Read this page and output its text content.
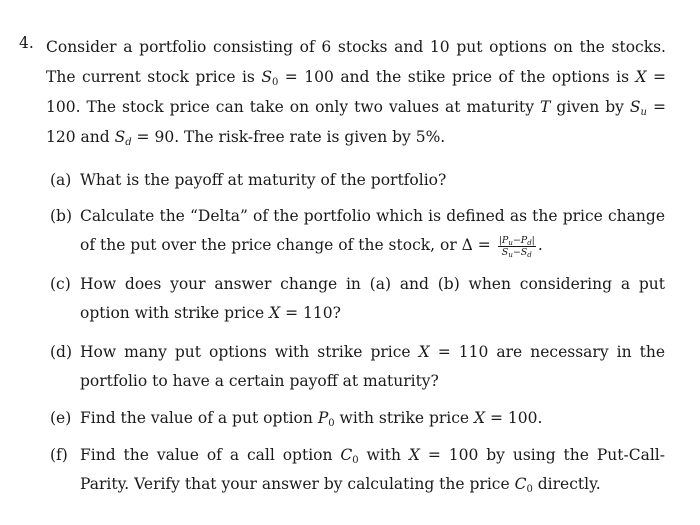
4. Consider a portfolio consisting of 6 stocks and 10 put options on the stocks. The current stock price is $S_0 = 100$ and the stike price of the options is X = 100. The stock price can take on only two values at maturity T given by $S_u = 120$ and $S_d = 90$. The risk-free rate is given by 5%.
(a) What is the payoff at maturity of the portfolio?
(b) Calculate the “Delta” of the portfolio which is defined as the price change of the put over the price change of the stock, or $\Delta = \frac{|P_u-P_d|}{S_u-S_d}$ .
(c) How does your answer change in (a) and (b) when considering a put option with strike price X = 110?
(d) How many put options with strike price X = 110 are necessary in the portfolio to have a certain payoff at maturity?
(e) Find the value of a put option $P_0$ with strike price X = 100.
(f) Find the value of a call option $C_0$ with X = 100 by using the Put-Call-Parity. Verify that your answer by calculating the price $C_0$ directly.
